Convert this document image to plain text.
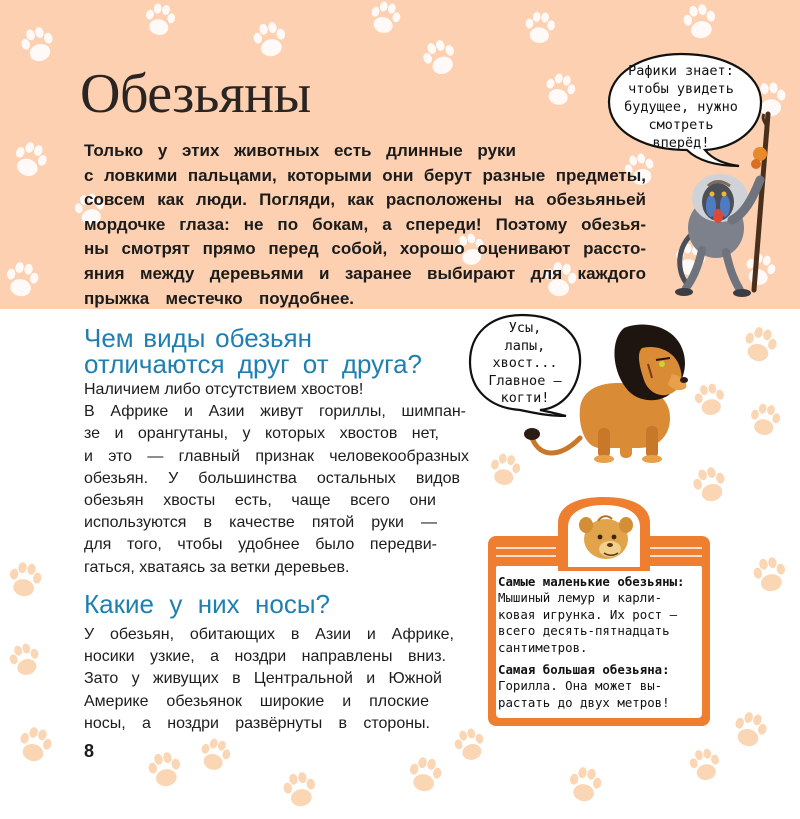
Обезьяны

Только у этих животных есть длинные руки
с ловкими пальцами, которыми они берут разные предметы,
совсем как люди. Погляди, как расположены на обезьяньей
мордочке глаза: не по бокам, а спереди! Поэтому обезья-
ны смотрят прямо перед собой, хорошо оценивают рассто-
яния между деревьями и заранее выбирают для каждого
прыжка местечко поудобнее.

Чем виды обезьян
отличаются друг от друга?

Наличием либо отсутствием хвостов!
В Африке и Азии живут гориллы, шимпан-
зе и орангутаны, у которых хвостов нет,
и это — главный признак человекообразных
обезьян. У большинства остальных видов
обезьян хвосты есть, чаще всего они
используются в качестве пятой руки —
для того, чтобы удобнее было передви-
гаться, хватаясь за ветки деревьев.

Какие у них носы?

У обезьян, обитающих в Азии и Африке,
носики узкие, а ноздри направлены вниз.
Зато у живущих в Центральной и Южной
Америке обезьянок широкие и плоские
носы, а ноздри развёрнуты в стороны.

8
Рафики знает:
чтобы увидеть
будущее, нужно
смотреть
вперёд!
Усы,
лапы,
хвост...
Главное —
когти!
Самые маленькие обезьяны:
Мышиный лемур и карли-
ковая игрунка. Их рост —
всего десять-пятнадцать
сантиметров.
Самая большая обезьяна:
Горилла. Она может вы-
растать до двух метров!
